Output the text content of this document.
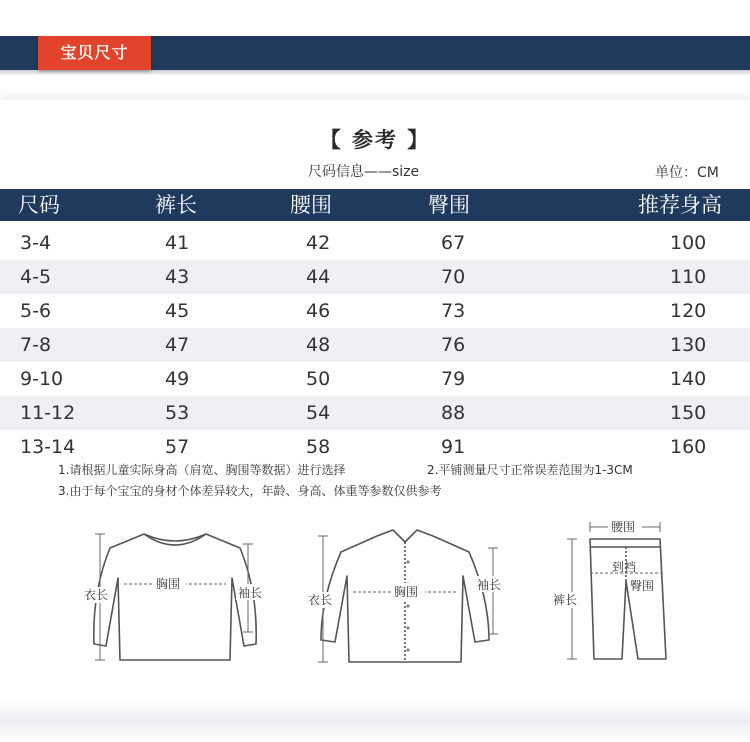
宝贝尺寸
【 参考 】
尺码信息——size	单位：CM
尺码	裤长	腰围	臀围	推荐身高
3-4	41	42	67	100
4-5	43	44	70	110
5-6	45	46	73	120
7-8	47	48	76	130
9-10	49	50	79	140
11-12	53	54	88	150
13-14	57	58	91	160
1.请根据儿童实际身高（肩宽、胸围等数据）进行选择	2.平铺测量尺寸正常误差范围为1-3CM
3.由于每个宝宝的身材个体差异较大，年龄、身高、体重等参数仅供参考
衣长
胸围
袖长	衣长
胸围	袖长
腰围
到裆
臀围
裤长
